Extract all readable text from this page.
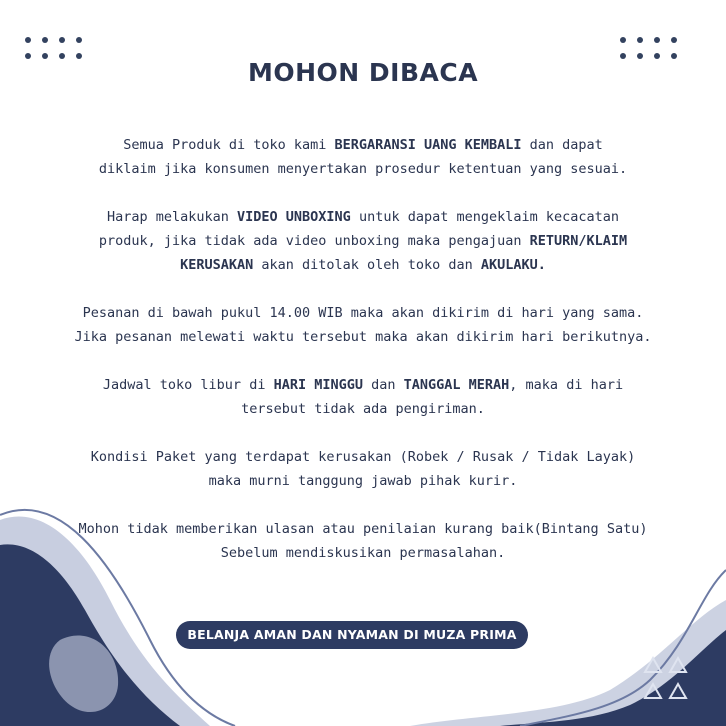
MOHON DIBACA

Semua Produk di toko kami BERGARANSI UANG KEMBALI dan dapat
diklaim jika konsumen menyertakan prosedur ketentuan yang sesuai.

Harap melakukan VIDEO UNBOXING untuk dapat mengeklaim kecacatan
produk, jika tidak ada video unboxing maka pengajuan RETURN/KLAIM
KERUSAKAN akan ditolak oleh toko dan AKULAKU.

Pesanan di bawah pukul 14.00 WIB maka akan dikirim di hari yang sama.
Jika pesanan melewati waktu tersebut maka akan dikirim hari berikutnya.

Jadwal toko libur di HARI MINGGU dan TANGGAL MERAH, maka di hari
tersebut tidak ada pengiriman.

Kondisi Paket yang terdapat kerusakan (Robek / Rusak / Tidak Layak)
maka murni tanggung jawab pihak kurir.

Mohon tidak memberikan ulasan atau penilaian kurang baik(Bintang Satu)
Sebelum mendiskusikan permasalahan.

BELANJA AMAN DAN NYAMAN DI MUZA PRIMA
